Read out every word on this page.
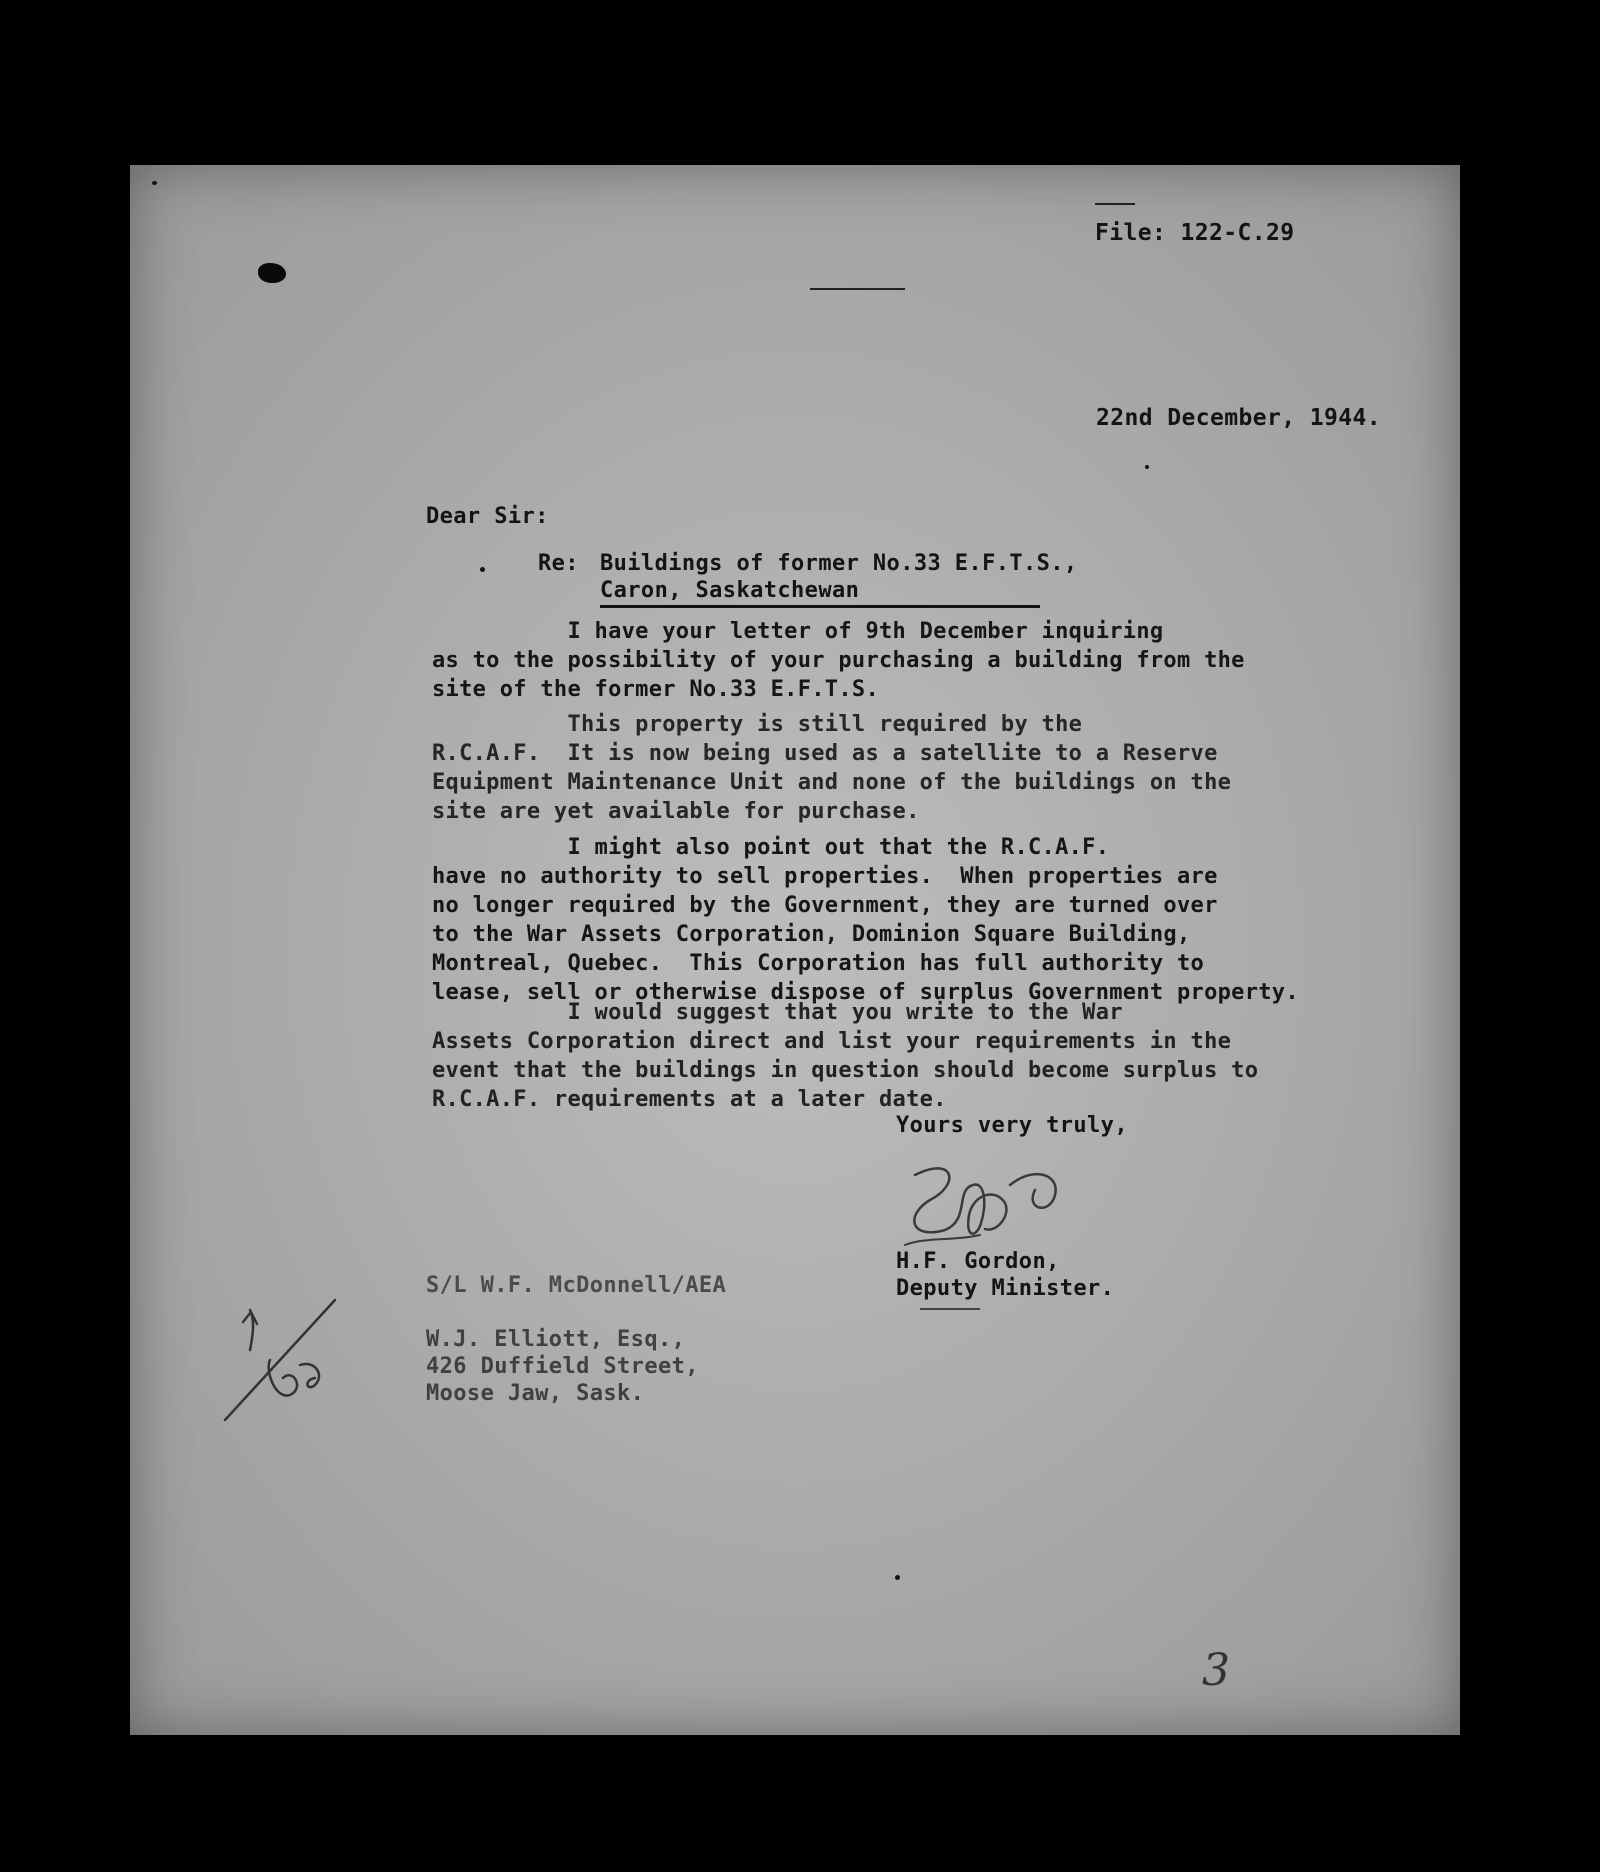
File: 122-C.29
22nd December, 1944.
Dear Sir:
Re: Buildings of former No.33 E.F.T.S.,
Caron, Saskatchewan
I have your letter of 9th December inquiring
as to the possibility of your purchasing a building from the
site of the former No.33 E.F.T.S.
This property is still required by the
R.C.A.F.  It is now being used as a satellite to a Reserve
Equipment Maintenance Unit and none of the buildings on the
site are yet available for purchase.
I might also point out that the R.C.A.F.
have no authority to sell properties.  When properties are
no longer required by the Government, they are turned over
to the War Assets Corporation, Dominion Square Building,
Montreal, Quebec.  This Corporation has full authority to
lease, sell or otherwise dispose of surplus Government property.
I would suggest that you write to the War
Assets Corporation direct and list your requirements in the
event that the buildings in question should become surplus to
R.C.A.F. requirements at a later date.
Yours very truly,
H.F. Gordon,
Deputy Minister.
S/L W.F. McDonnell/AEA
W.J. Elliott, Esq.,
426 Duffield Street,
Moose Jaw, Sask.
3
